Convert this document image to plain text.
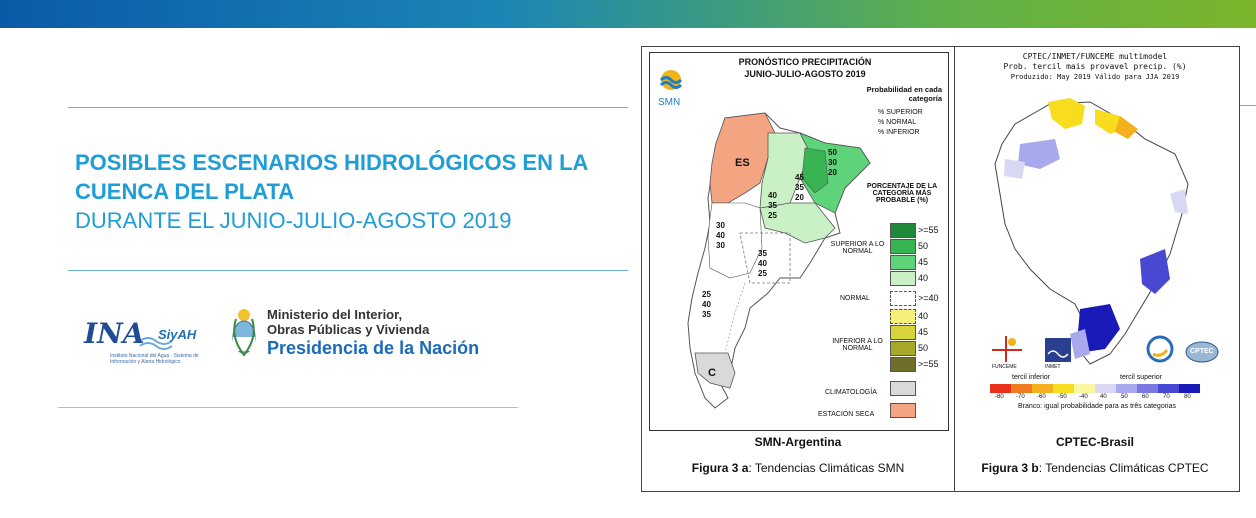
POSIBLES ESCENARIOS HIDROLÓGICOS EN LA
CUENCA DEL PLATA
DURANTE EL JUNIO-JULIO-AGOSTO 2019
INA SiyAH
Instituto Nacional del Agua · Sistema de Información y Alerta Hidrológico
Ministerio del Interior,
Obras Públicas y Vivienda
Presidencia de la Nación
PRONÓSTICO PRECIPITACIÓN
JUNIO-JULIO-AGOSTO 2019
SMN
ES
C
50
30
20
45
35
20
40
35
25
30
40
30
35
40
25
25
40
35
Probabilidad en cada categoría
% SUPERIOR
% NORMAL
% INFERIOR
PORCENTAJE DE LA CATEGORÍA MÁS PROBABLE (%)
SUPERIOR A LO NORMAL
NORMAL
INFERIOR A LO NORMAL
CLIMATOLOGÍA
ESTACIÓN SECA
>=55
50
45
40
>=40
40
45
50
>=55
SMN-Argentina
Figura 3 a: Tendencias Climáticas SMN
CPTEC/INMET/FUNCEME multimodel
Prob. tercil mais provavel precip. (%)
Produzido: May 2019 Válido para JJA 2019
FUNCEME	INMET
CPTEC
tercil inferior	tercil superior
-80 -70 -60 -50 -40 40 50 60 70 80
Branco: igual probabilidade para as três categorias
CPTEC-Brasil
Figura 3 b: Tendencias Climáticas CPTEC
